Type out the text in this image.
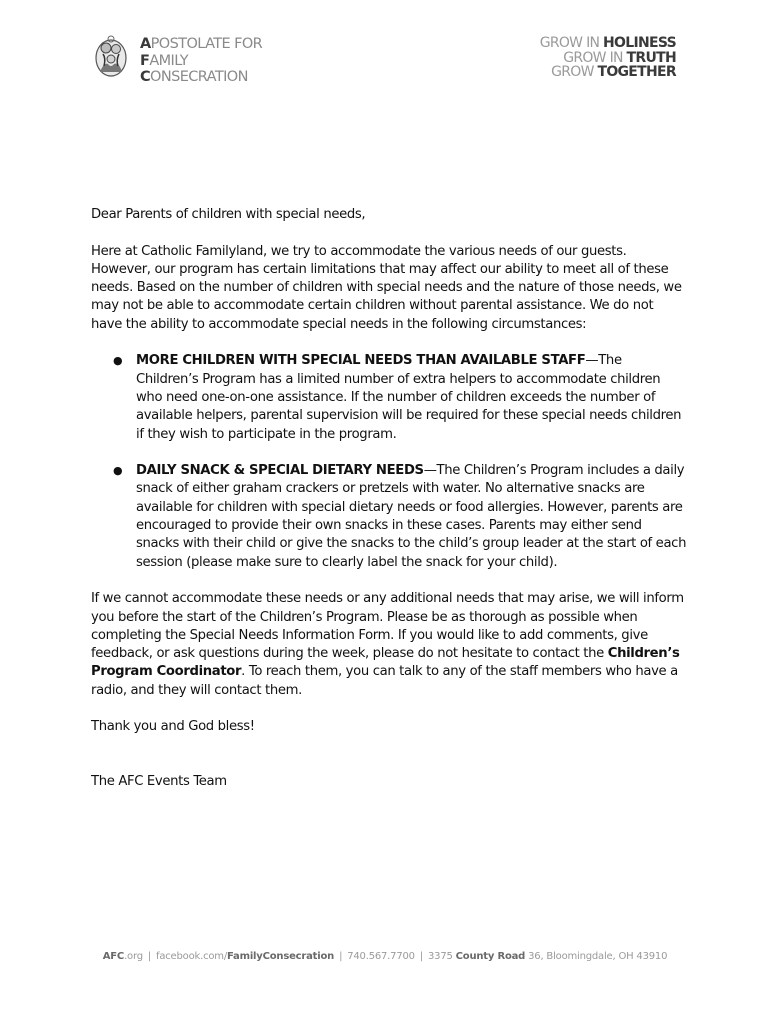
APOSTOLATE FOR
FAMILY
CONSECRATION
GROW IN HOLINESS
GROW IN TRUTH
GROW TOGETHER

Dear Parents of children with special needs,

Here at Catholic Familyland, we try to accommodate the various needs of our guests. However, our program has certain limitations that may affect our ability to meet all of these needs. Based on the number of children with special needs and the nature of those needs, we may not be able to accommodate certain children without parental assistance. We do not have the ability to accommodate special needs in the following circumstances:

● MORE CHILDREN WITH SPECIAL NEEDS THAN AVAILABLE STAFF—The Children’s Program has a limited number of extra helpers to accommodate children who need one-on-one assistance. If the number of children exceeds the number of available helpers, parental supervision will be required for these special needs children if they wish to participate in the program.
● DAILY SNACK & SPECIAL DIETARY NEEDS—The Children’s Program includes a daily snack of either graham crackers or pretzels with water. No alternative snacks are available for children with special dietary needs or food allergies. However, parents are encouraged to provide their own snacks in these cases. Parents may either send snacks with their child or give the snacks to the child’s group leader at the start of each session (please make sure to clearly label the snack for your child).

If we cannot accommodate these needs or any additional needs that may arise, we will inform you before the start of the Children’s Program. Please be as thorough as possible when completing the Special Needs Information Form. If you would like to add comments, give feedback, or ask questions during the week, please do not hesitate to contact the Children’s Program Coordinator. To reach them, you can talk to any of the staff members who have a radio, and they will contact them.

Thank you and God bless!

The AFC Events Team

AFC.org | facebook.com/FamilyConsecration | 740.567.7700 | 3375 County Road 36, Bloomingdale, OH 43910
